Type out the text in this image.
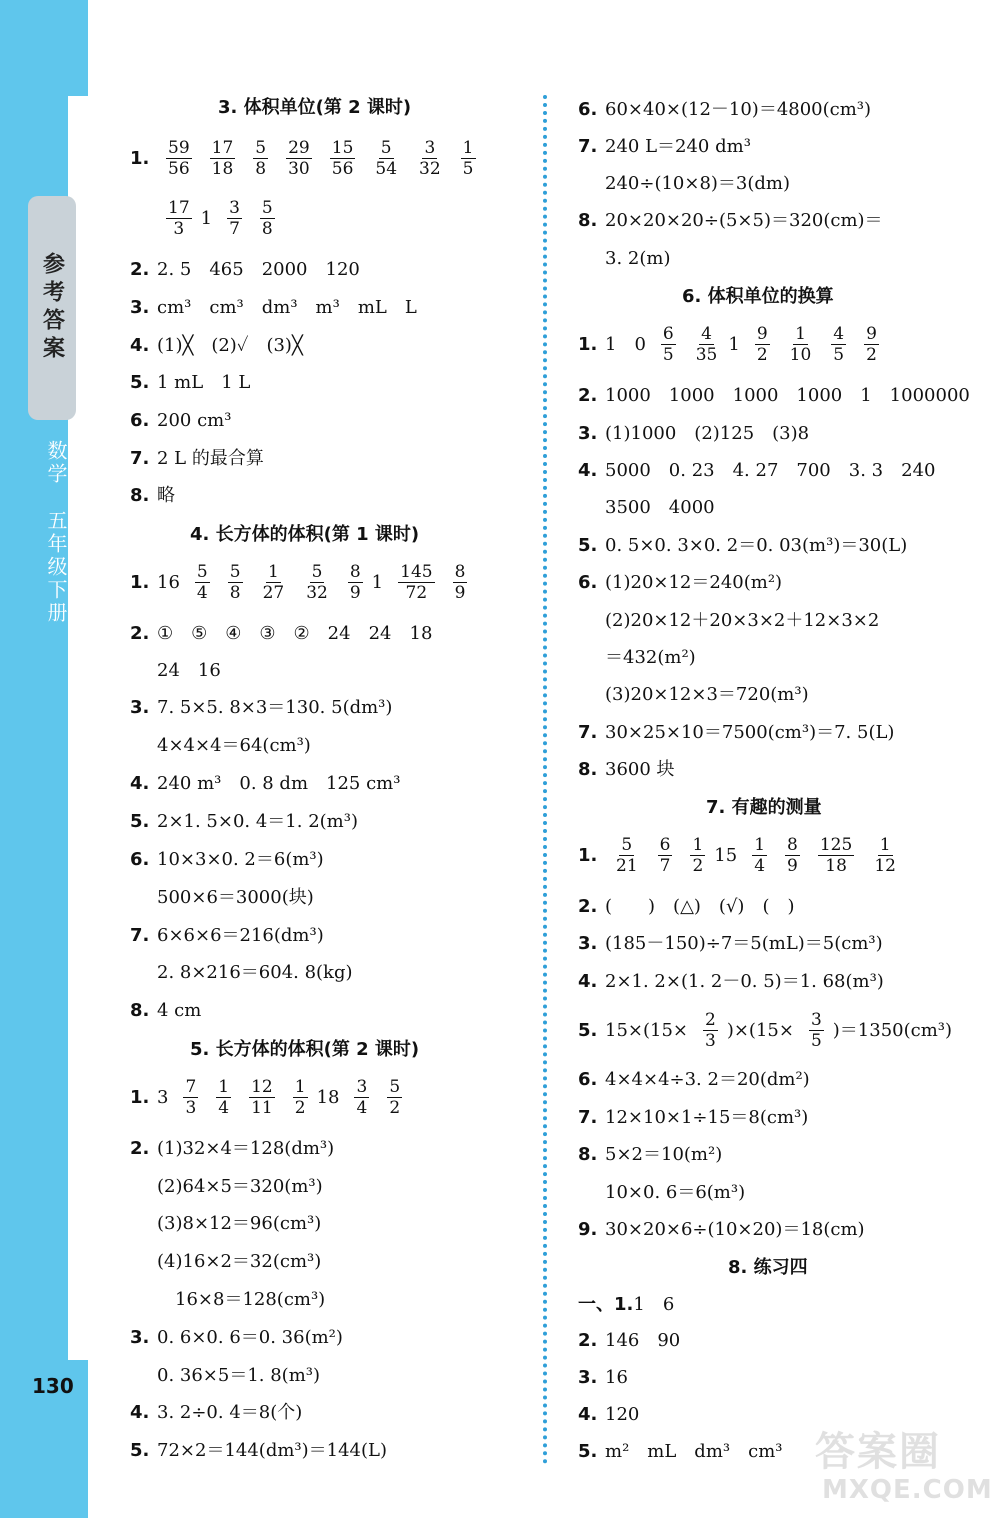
参考答案
数学
五年级下册
130
3. 体积单位(第 2 课时)
1. $\frac{59}{56} \frac{17}{18} \frac{5}{8} \frac{29}{30} \frac{15}{56} \frac{5}{54} \frac{3}{32} \frac{1}{5}$
$\frac{17}{3} 1 \frac{3}{7} \frac{5}{8}$
2. 2. 5　465　2000　120
3. cm³　cm³　dm³　m³　mL　L
4. (1)╳　(2)✓　(3)╳
5. 1 mL　1 L
6. 200 cm³
7. 2 L 的最合算
8. 略
4. 长方体的体积(第 1 课时)
1. $16 \frac{5}{4} \frac{5}{8} \frac{1}{27} \frac{5}{32} \frac{8}{9} 1 \frac{145}{72} \frac{8}{9}$
2. ①　⑤　④　③　②　24　24　18
24　16
3. 7. 5×5. 8×3＝130. 5(dm³)
4×4×4＝64(cm³)
4. 240 m³　0. 8 dm　125 cm³
5. 2×1. 5×0. 4＝1. 2(m³)
6. 10×3×0. 2＝6(m³)
500×6＝3000(块)
7. 6×6×6＝216(dm³)
2. 8×216＝604. 8(kg)
8. 4 cm
5. 长方体的体积(第 2 课时)
1. $3 \frac{7}{3} \frac{1}{4} \frac{12}{11} \frac{1}{2} 18 \frac{3}{4} \frac{5}{2}$
2. (1)32×4＝128(dm³)
(2)64×5＝320(m³)
(3)8×12＝96(cm³)
(4)16×2＝32(cm³)
　16×8＝128(cm³)
3. 0. 6×0. 6＝0. 36(m²)
0. 36×5＝1. 8(m³)
4. 3. 2÷0. 4＝8(个)
5. 72×2＝144(dm³)＝144(L)
6. 60×40×(12－10)＝4800(cm³)
7. 240 L＝240 dm³
240÷(10×8)＝3(dm)
8. 20×20×20÷(5×5)＝320(cm)＝
3. 2(m)
6. 体积单位的换算
1. 1　$0 \frac{6}{5} \frac{4}{35} 1 \frac{9}{2} \frac{1}{10} \frac{4}{5} \frac{9}{2}$
2. 1000　1000　1000　1000　1　1000000
3. (1)1000　(2)125　(3)8
4. 5000　0. 23　4. 27　700　3. 3　240
3500　4000
5. 0. 5×0. 3×0. 2＝0. 03(m³)＝30(L)
6. (1)20×12＝240(m²)
(2)20×12＋20×3×2＋12×3×2
＝432(m²)
(3)20×12×3＝720(m³)
7. 30×25×10＝7500(cm³)＝7. 5(L)
8. 3600 块
7. 有趣的测量
1. $\frac{5}{21} \frac{6}{7} \frac{1}{2} 15 \frac{1}{4} \frac{8}{9} \frac{125}{18} \frac{1}{12}$
2. (　　)　(△)　(√)　(　)
3. (185－150)÷7＝5(mL)＝5(cm³)
4. 2×1. 2×(1. 2－0. 5)＝1. 68(m³)
5. $15\times(15\times \frac{2}{3} )\times(15\times \frac{3}{5} )=1350(cm^3)$
6. 4×4×4÷3. 2＝20(dm²)
7. 12×10×1÷15＝8(cm³)
8. 5×2＝10(m²)
10×0. 6＝6(m³)
9. 30×20×6÷(10×20)＝18(cm)
8. 练习四
一、1.1　6
2. 146　90
3. 16
4. 120
5. m²　mL　dm³　cm³ 答案圈
MXQE.COM
